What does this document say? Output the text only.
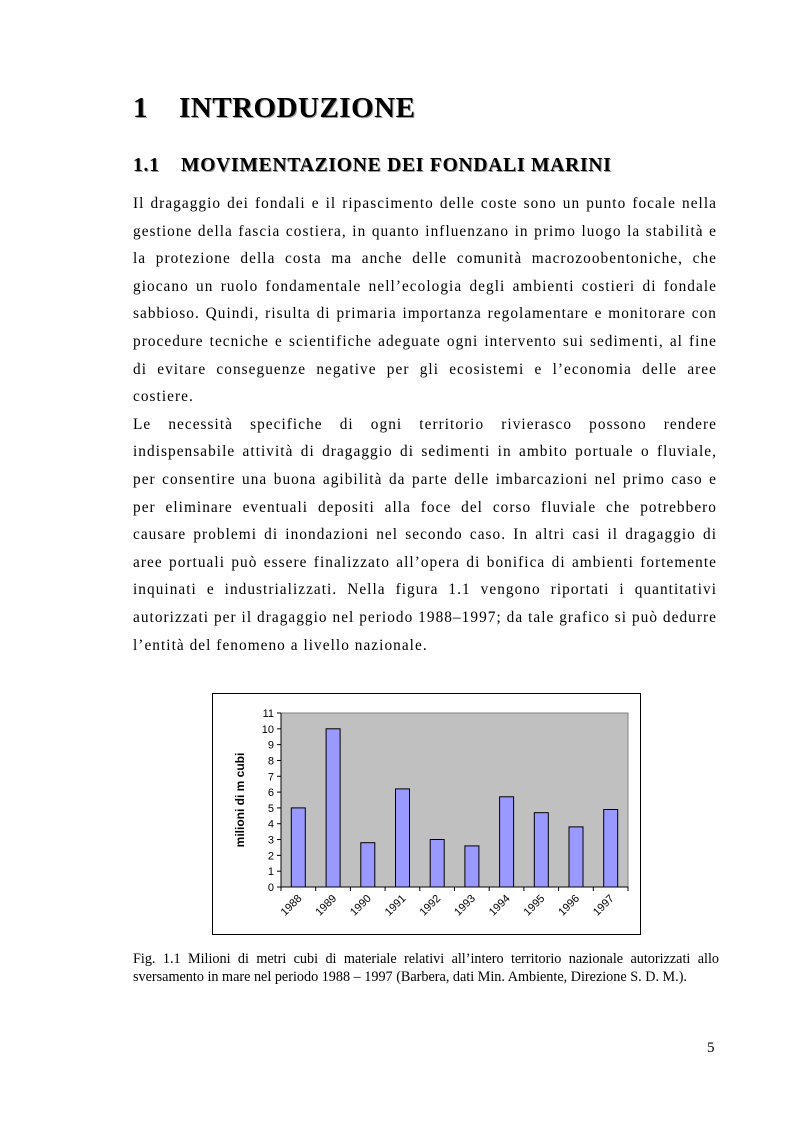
1 INTRODUZIONE
1.1 MOVIMENTAZIONE DEI FONDALI MARINI

Il dragaggio dei fondali e il ripascimento delle coste sono un punto focale nella gestione della fascia costiera, in quanto influenzano in primo luogo la stabilità e la protezione della costa ma anche delle comunità macrozoobentoniche, che giocano un ruolo fondamentale nell’ecologia degli ambienti costieri di fondale sabbioso. Quindi, risulta di primaria importanza regolamentare e monitorare con procedure tecniche e scientifiche adeguate ogni intervento sui sedimenti, al fine di evitare conseguenze negative per gli ecosistemi e l’economia delle aree costiere.

Le necessità specifiche di ogni territorio rivierasco possono rendere indispensabile attività di dragaggio di sedimenti in ambito portuale o fluviale, per consentire una buona agibilità da parte delle imbarcazioni nel primo caso e per eliminare eventuali depositi alla foce del corso fluviale che potrebbero causare problemi di inondazioni nel secondo caso. In altri casi il dragaggio di aree portuali può essere finalizzato all’opera di bonifica di ambienti fortemente inquinati e industrializzati. Nella figura 1.1 vengono riportati i quantitativi autorizzati per il dragaggio nel periodo 1988–1997; da tale grafico si può dedurre l’entità del fenomeno a livello nazionale.

0
1
2
3
4
5
6
7
8
9
10
11
1988 1989 1990 1991 1992 1993 1994 1995 1996 1997
milioni di m cubi
Fig. 1.1 Milioni di metri cubi di materiale relativi all’intero territorio nazionale autorizzati allo sversamento in mare nel periodo 1988 – 1997 (Barbera, dati Min. Ambiente, Direzione S. D. M.).
5
